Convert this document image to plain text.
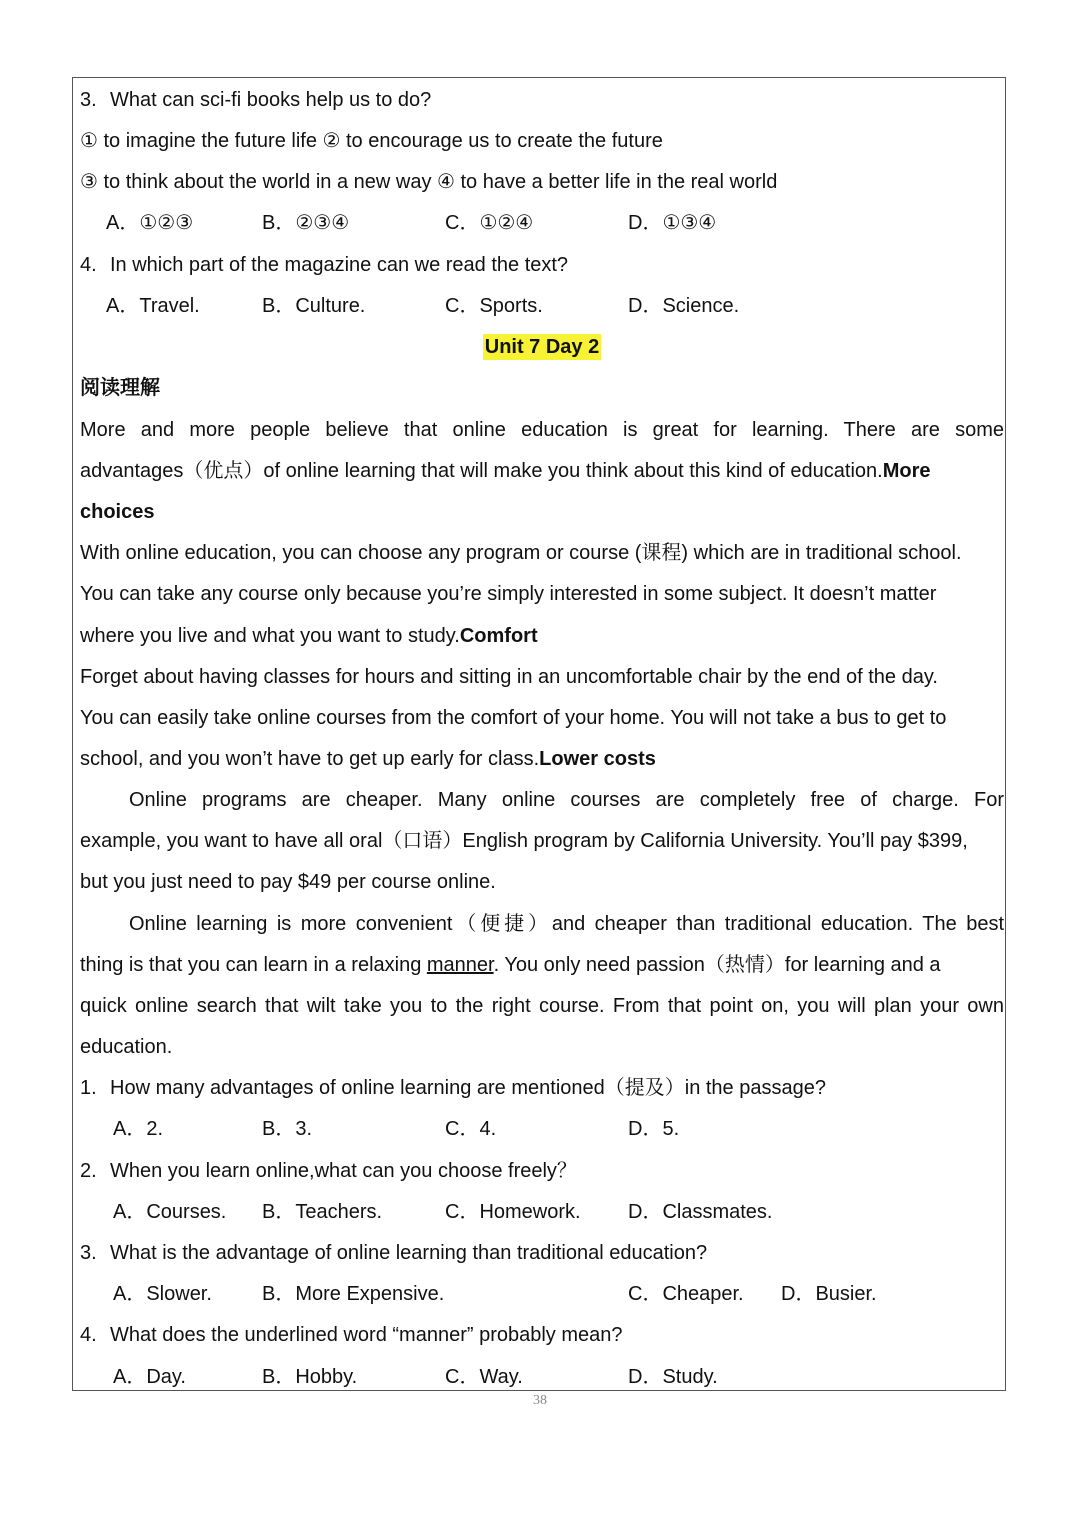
3. What can sci-fi books help us to do?
① to imagine the future life ② to encourage us to create the future
③ to think about the world in a new way ④ to have a better life in the real world
A．①②③	B．②③④	C．①②④	D．①③④
4. In which part of the magazine can we read the text?
A．Travel.	B．Culture.	C．Sports.	D．Science.
Unit 7 Day 2
阅读理解
More and more people believe that online education is great for learning. There are some
advantages（优点）of online learning that will make you think about this kind of education.More
choices
With online education, you can choose any program or course (课程) which are in traditional school.
You can take any course only because you’re simply interested in some subject. It doesn’t matter
where you live and what you want to study.Comfort
Forget about having classes for hours and sitting in an uncomfortable chair by the end of the day.
You can easily take online courses from the comfort of your home. You will not take a bus to get to
school, and you won’t have to get up early for class.Lower costs
Online programs are cheaper. Many online courses are completely free of charge. For
example, you want to have all oral（口语）English program by California University. You’ll pay $399,
but you just need to pay $49 per course online.
Online learning is more convenient（便捷）and cheaper than traditional education. The best
thing is that you can learn in a relaxing manner. You only need passion（热情）for learning and a
quick online search that wilt take you to the right course. From that point on, you will plan your own
education.
1. How many advantages of online learning are mentioned（提及）in the passage?
A．2.	B．3.	C．4.	D．5.
2. When you learn online,what can you choose freely？
A．Courses. B．Teachers.	C．Homework. D．Classmates.
3. What is the advantage of online learning than traditional education?
A．Slower.	B．More Expensive.	C．Cheaper. D．Busier.
4. What does the underlined word “manner” probably mean?
A．Day.	B．Hobby.	C．Way.	D．Study.
38
